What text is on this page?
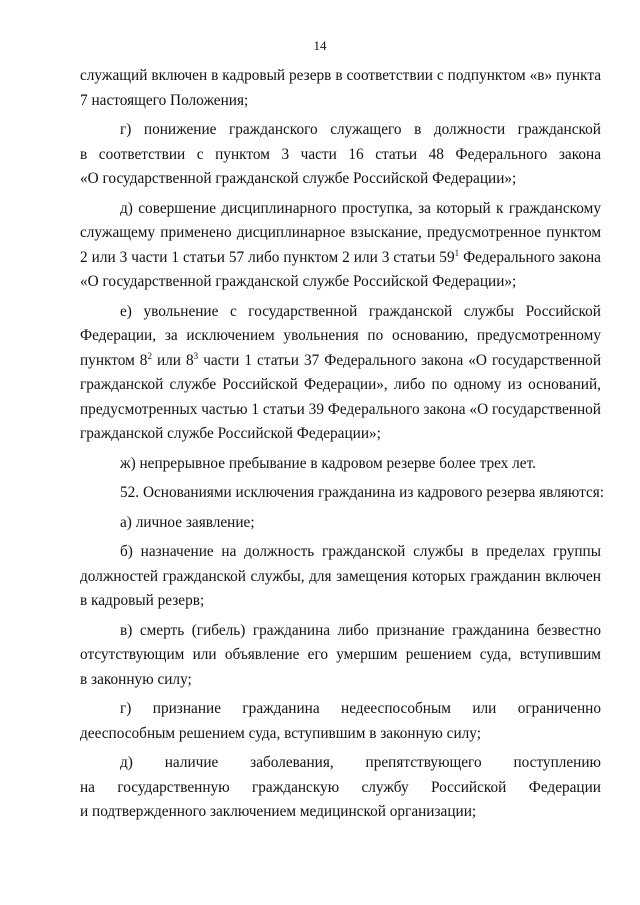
14
служащий включен в кадровый резерв в соответствии с подпунктом «в» пункта
7 настоящего Положения;
г) понижение гражданского служащего в должности гражданской
в соответствии с пунктом 3 части 16 статьи 48 Федерального закона
«О государственной гражданской службе Российской Федерации»;
д) совершение дисциплинарного проступка, за который к гражданскому
служащему применено дисциплинарное взыскание, предусмотренное пунктом
2 или 3 части 1 статьи 57 либо пунктом 2 или 3 статьи $59^1$ Федерального закона
«О государственной гражданской службе Российской Федерации»;
е) увольнение с государственной гражданской службы Российской
Федерации, за исключением увольнения по основанию, предусмотренному
пунктом $8^2$ или $8^3$ части 1 статьи 37 Федерального закона «О государственной
гражданской службе Российской Федерации», либо по одному из оснований,
предусмотренных частью 1 статьи 39 Федерального закона «О государственной
гражданской службе Российской Федерации»;
ж) непрерывное пребывание в кадровом резерве более трех лет.
52. Основаниями исключения гражданина из кадрового резерва являются:
а) личное заявление;
б) назначение на должность гражданской службы в пределах группы
должностей гражданской службы, для замещения которых гражданин включен
в кадровый резерв;
в) смерть (гибель) гражданина либо признание гражданина безвестно
отсутствующим или объявление его умершим решением суда, вступившим
в законную силу;
г) признание гражданина недееспособным или ограниченно
дееспособным решением суда, вступившим в законную силу;
д) наличие заболевания, препятствующего поступлению
на государственную гражданскую службу Российской Федерации
и подтвержденного заключением медицинской организации;
